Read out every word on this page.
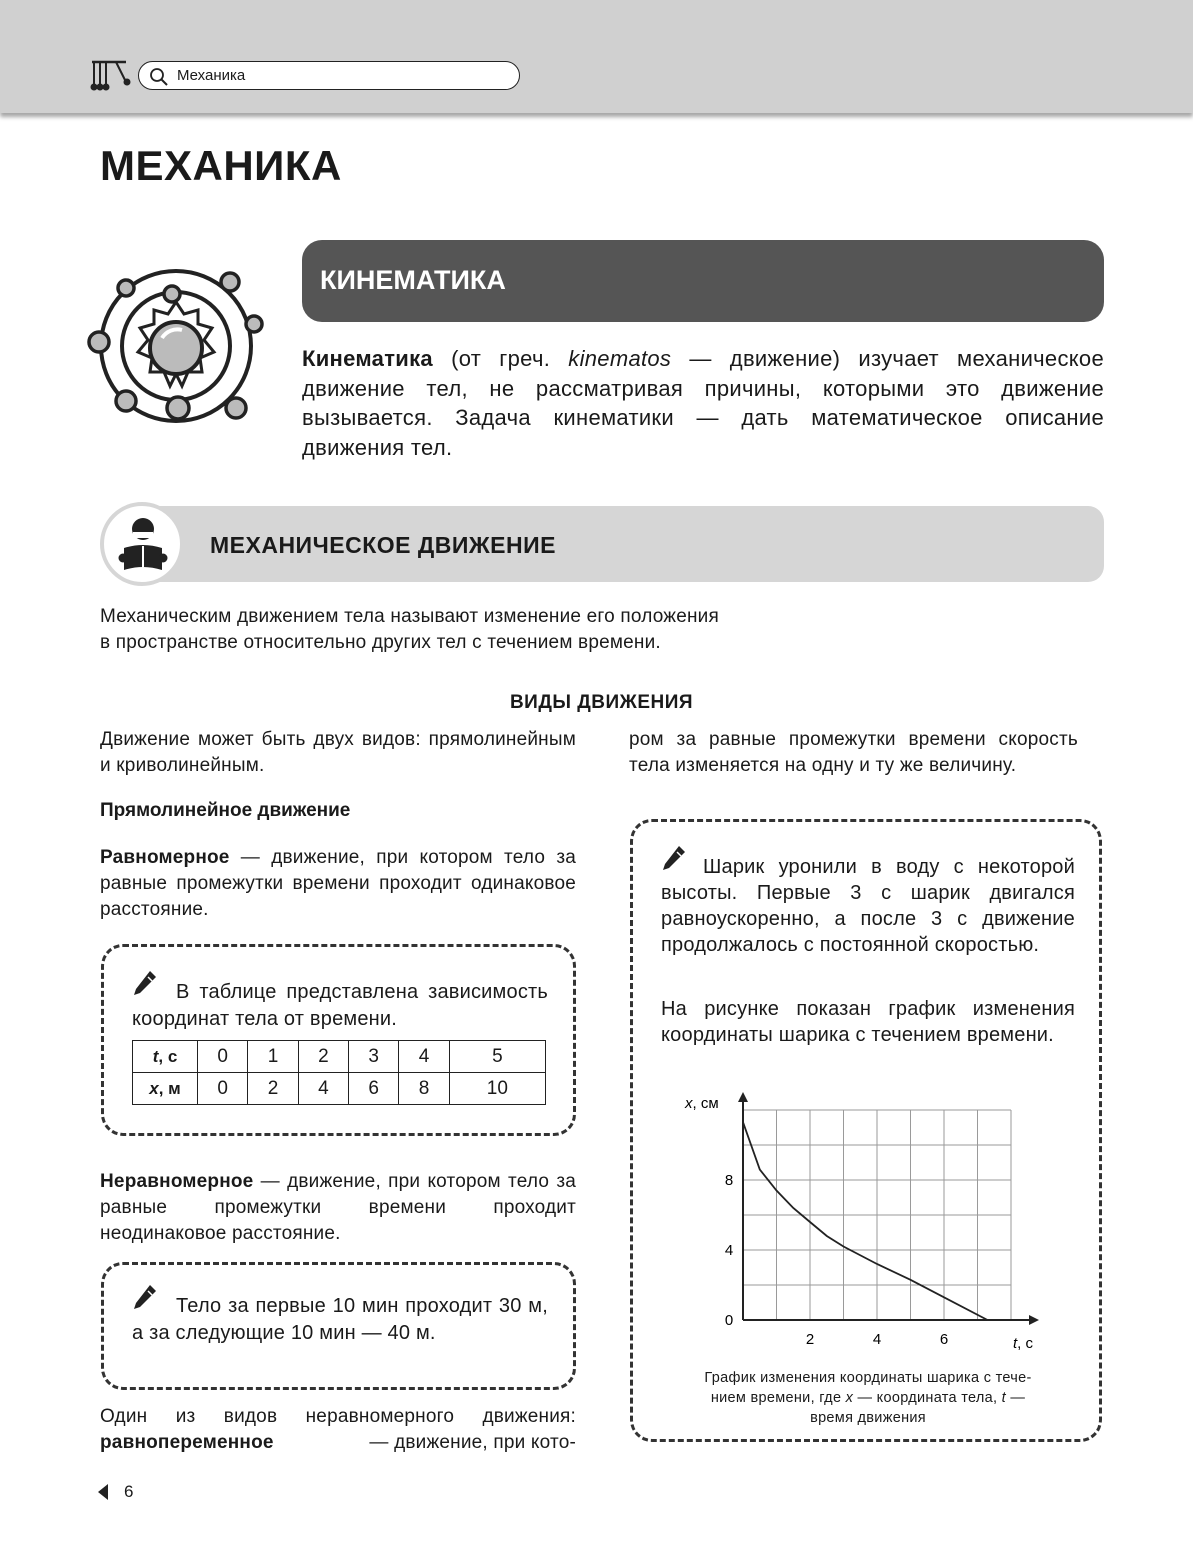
Механика
МЕХАНИКА
КИНЕМАТИКА
Кинематика (от греч. kinematos — движение) изучает механическое движение тел, не рассматривая причины, которыми это движение вызывается. Задача кинематики — дать математическое описание движения тел.
МЕХАНИЧЕСКОЕ ДВИЖЕНИЕ
Механическим движением тела называют изменение его положения
в пространстве относительно других тел с течением времени.
ВИДЫ ДВИЖЕНИЯ
Движение может быть двух видов: прямолинейным и криволинейным.
Прямолинейное движение
Равномерное — движение, при котором тело за равные промежутки времени проходит одинаковое расстояние.
В таблице представлена зависимость координат тела от времени.
t, с	0	1	2	3	4	5
x, м	0	2	4	6	8	10
Неравномерное — движение, при котором тело за равные промежутки времени проходит неодинаковое расстояние.
Тело за первые 10 мин проходит 30 м, а за следующие 10 мин — 40 м.
Один из видов неравномерного движения:
равнопеременное	— движение, при кото-
ром за равные промежутки времени скорость тела изменяется на одну и ту же величину.
Шарик уронили в воду с некоторой высоты. Первые 3 с шарик двигался равноускоренно, а после 3 с движение продолжалось с постоянной скоростью.
На рисунке показан график изменения координаты шарика с течением времени.
x, см
t, с
2	4	6
0
4
8
График изменения координаты шарика с тече-
нием времени, где x — координата тела, t —
время движения
6
